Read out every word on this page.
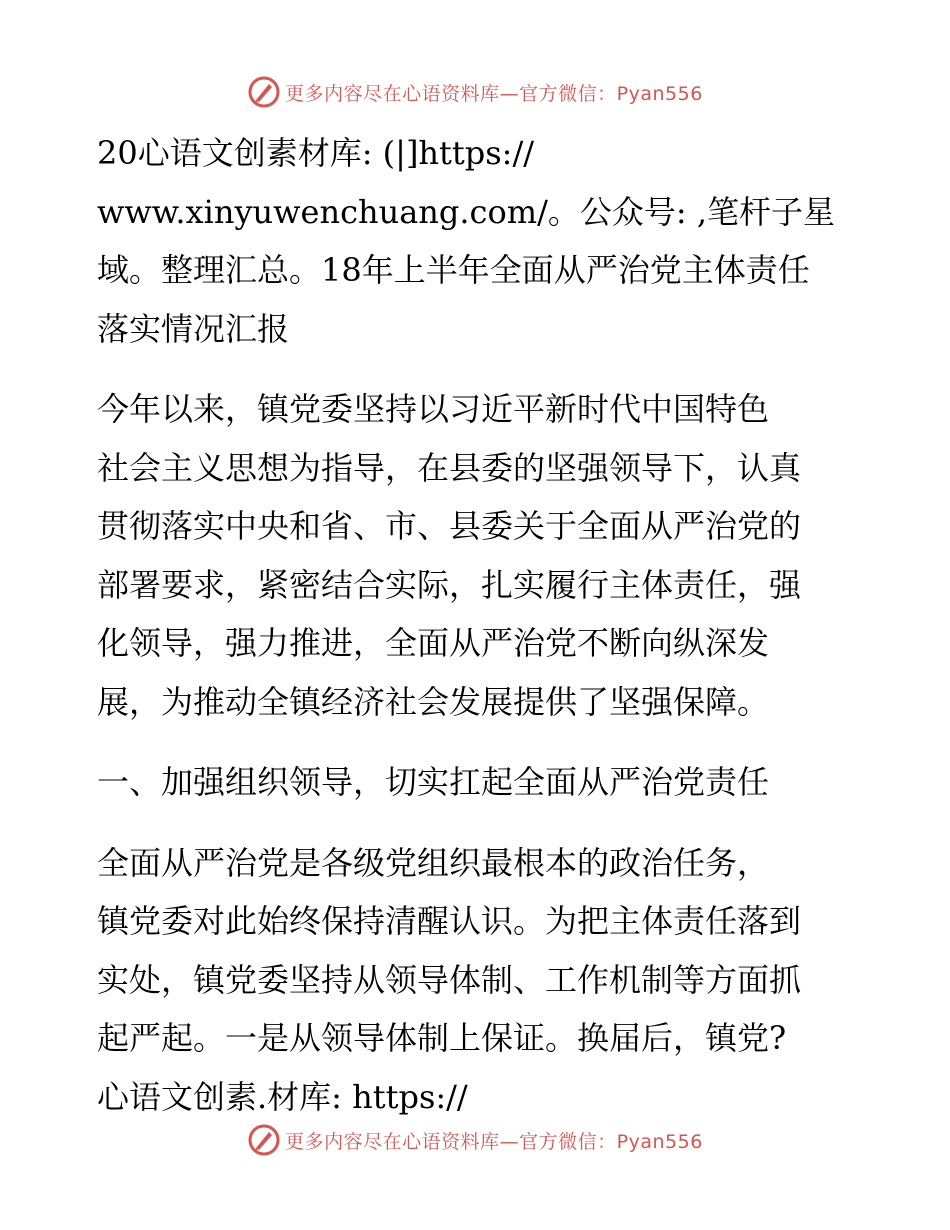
更多内容尽在心语资料库—官方微信：Pyan556

20心语文创素材库: (|]https://

www.xinyuwenchuang.com/。公众号: ,笔杆子星

域。整理汇总。18年上半年全面从严治党主体责任

落实情况汇报

今年以来，镇党委坚持以习近平新时代中国特色

社会主义思想为指导，在县委的坚强领导下，认真

贯彻落实中央和省、市、县委关于全面从严治党的

部署要求，紧密结合实际，扎实履行主体责任，强

化领导，强力推进，全面从严治党不断向纵深发

展，为推动全镇经济社会发展提供了坚强保障。

一、加强组织领导，切实扛起全面从严治党责任

全面从严治党是各级党组织最根本的政治任务，

镇党委对此始终保持清醒认识。为把主体责任落到

实处，镇党委坚持从领导体制、工作机制等方面抓

起严起。一是从领导体制上保证。换届后，镇党?

心语文创素.材库: https://

更多内容尽在心语资料库—官方微信：Pyan556
